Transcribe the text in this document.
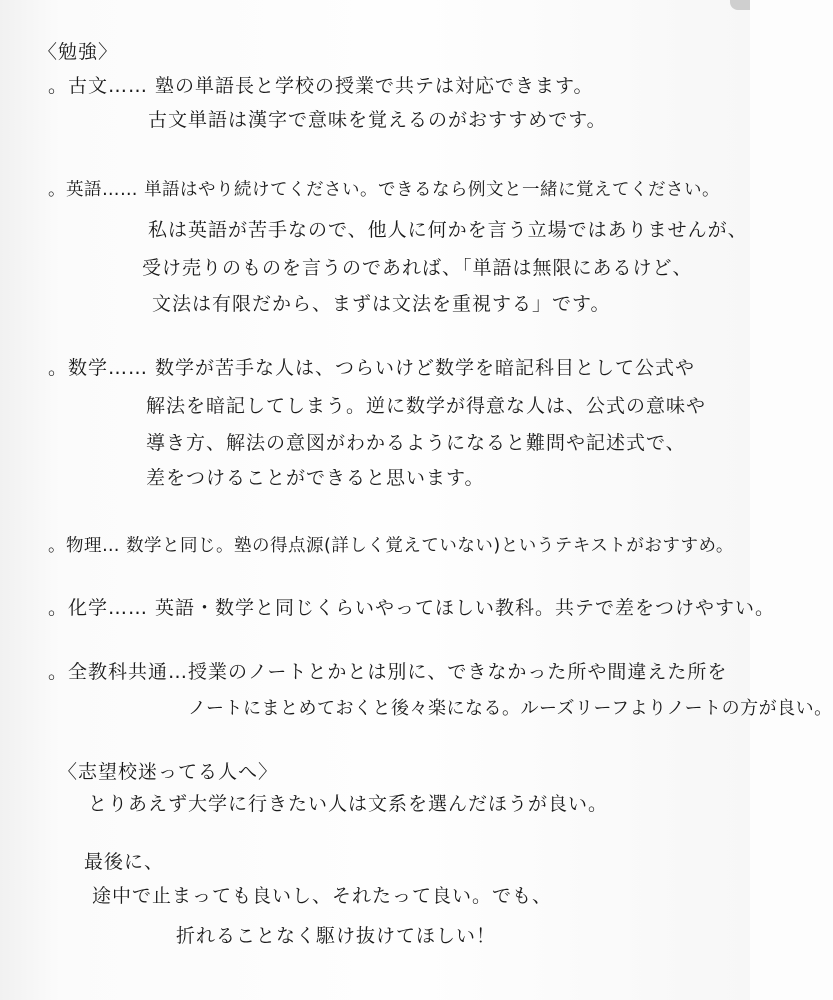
〈勉強〉
。古文…… 塾の単語長と学校の授業で共テは対応できます。
古文単語は漢字で意味を覚えるのがおすすめです。
。英語…… 単語はやり続けてください。できるなら例文と一緒に覚えてください。
私は英語が苦手なので、他人に何かを言う立場ではありませんが、
受け売りのものを言うのであれば、「単語は無限にあるけど、
文法は有限だから、まずは文法を重視する」です。
。数学…… 数学が苦手な人は、つらいけど数学を暗記科目として公式や
解法を暗記してしまう。逆に数学が得意な人は、公式の意味や
導き方、解法の意図がわかるようになると難問や記述式で、
差をつけることができると思います。
。物理… 数学と同じ。塾の得点源(詳しく覚えていない)というテキストがおすすめ。
。化学…… 英語・数学と同じくらいやってほしい教科。共テで差をつけやすい。
。全教科共通…授業のノートとかとは別に、できなかった所や間違えた所を
ノートにまとめておくと後々楽になる。ルーズリーフよりノートの方が良い。
〈志望校迷ってる人へ〉
とりあえず大学に行きたい人は文系を選んだほうが良い。
最後に、
途中で止まっても良いし、それたって良い。でも、
折れることなく駆け抜けてほしい！
